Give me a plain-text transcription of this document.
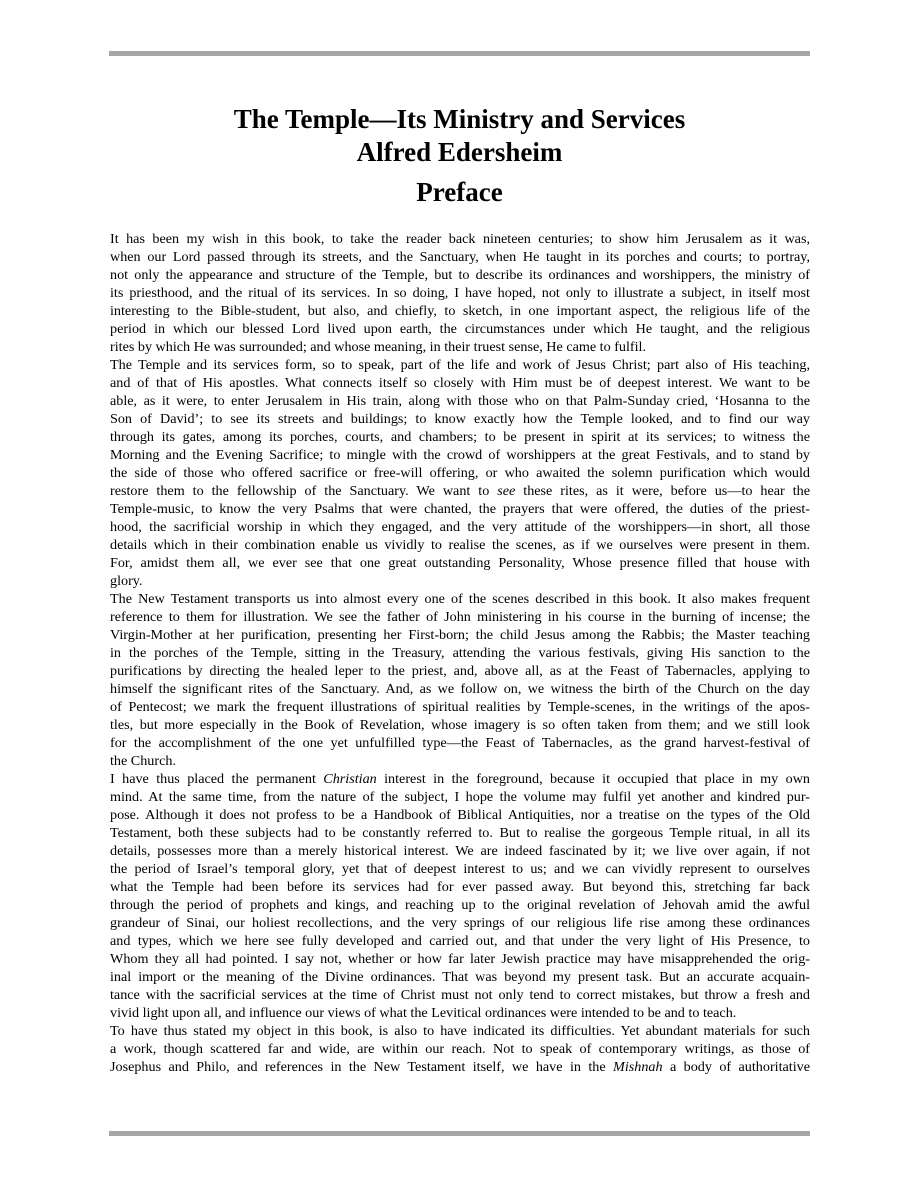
The Temple—Its Ministry and Services
Alfred Edersheim
Preface
It has been my wish in this book, to take the reader back nineteen centuries; to show him Jerusalem as it was,
when our Lord passed through its streets, and the Sanctuary, when He taught in its porches and courts; to portray,
not only the appearance and structure of the Temple, but to describe its ordinances and worshippers, the ministry of
its priesthood, and the ritual of its services. In so doing, I have hoped, not only to illustrate a subject, in itself most
interesting to the Bible-student, but also, and chiefly, to sketch, in one important aspect, the religious life of the
period in which our blessed Lord lived upon earth, the circumstances under which He taught, and the religious
rites by which He was surrounded; and whose meaning, in their truest sense, He came to fulfil.
The Temple and its services form, so to speak, part of the life and work of Jesus Christ; part also of His teaching,
and of that of His apostles. What connects itself so closely with Him must be of deepest interest. We want to be
able, as it were, to enter Jerusalem in His train, along with those who on that Palm-Sunday cried, ‘Hosanna to the
Son of David’; to see its streets and buildings; to know exactly how the Temple looked, and to find our way
through its gates, among its porches, courts, and chambers; to be present in spirit at its services; to witness the
Morning and the Evening Sacrifice; to mingle with the crowd of worshippers at the great Festivals, and to stand by
the side of those who offered sacrifice or free-will offering, or who awaited the solemn purification which would
restore them to the fellowship of the Sanctuary. We want to see these rites, as it were, before us—to hear the
Temple-music, to know the very Psalms that were chanted, the prayers that were offered, the duties of the priest-
hood, the sacrificial worship in which they engaged, and the very attitude of the worshippers—in short, all those
details which in their combination enable us vividly to realise the scenes, as if we ourselves were present in them.
For, amidst them all, we ever see that one great outstanding Personality, Whose presence filled that house with
glory.
The New Testament transports us into almost every one of the scenes described in this book. It also makes frequent
reference to them for illustration. We see the father of John ministering in his course in the burning of incense; the
Virgin-Mother at her purification, presenting her First-born; the child Jesus among the Rabbis; the Master teaching
in the porches of the Temple, sitting in the Treasury, attending the various festivals, giving His sanction to the
purifications by directing the healed leper to the priest, and, above all, as at the Feast of Tabernacles, applying to
himself the significant rites of the Sanctuary. And, as we follow on, we witness the birth of the Church on the day
of Pentecost; we mark the frequent illustrations of spiritual realities by Temple-scenes, in the writings of the apos-
tles, but more especially in the Book of Revelation, whose imagery is so often taken from them; and we still look
for the accomplishment of the one yet unfulfilled type—the Feast of Tabernacles, as the grand harvest-festival of
the Church.
I have thus placed the permanent Christian interest in the foreground, because it occupied that place in my own
mind. At the same time, from the nature of the subject, I hope the volume may fulfil yet another and kindred pur-
pose. Although it does not profess to be a Handbook of Biblical Antiquities, nor a treatise on the types of the Old
Testament, both these subjects had to be constantly referred to. But to realise the gorgeous Temple ritual, in all its
details, possesses more than a merely historical interest. We are indeed fascinated by it; we live over again, if not
the period of Israel’s temporal glory, yet that of deepest interest to us; and we can vividly represent to ourselves
what the Temple had been before its services had for ever passed away. But beyond this, stretching far back
through the period of prophets and kings, and reaching up to the original revelation of Jehovah amid the awful
grandeur of Sinai, our holiest recollections, and the very springs of our religious life rise among these ordinances
and types, which we here see fully developed and carried out, and that under the very light of His Presence, to
Whom they all had pointed. I say not, whether or how far later Jewish practice may have misapprehended the orig-
inal import or the meaning of the Divine ordinances. That was beyond my present task. But an accurate acquain-
tance with the sacrificial services at the time of Christ must not only tend to correct mistakes, but throw a fresh and
vivid light upon all, and influence our views of what the Levitical ordinances were intended to be and to teach.
To have thus stated my object in this book, is also to have indicated its difficulties. Yet abundant materials for such
a work, though scattered far and wide, are within our reach. Not to speak of contemporary writings, as those of
Josephus and Philo, and references in the New Testament itself, we have in the Mishnah a body of authoritative
